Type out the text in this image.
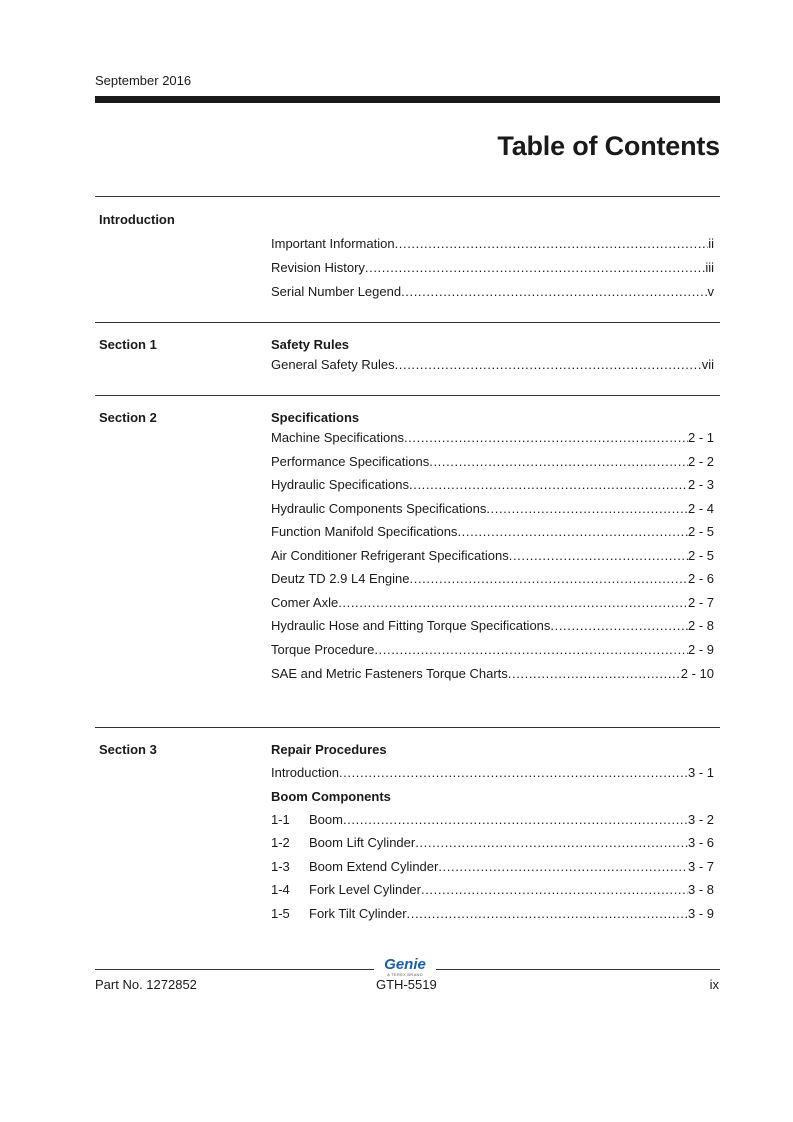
September 2016
Table of Contents
Introduction
Important Information .....	ii
Revision History .....	iii
Serial Number Legend .....	v
Section 1	Safety Rules
General Safety Rules .....	vii
Section 2	Specifications
Machine Specifications .....	2 - 1
Performance Specifications .....	2 - 2
Hydraulic Specifications .....	2 - 3
Hydraulic Components Specifications .....	2 - 4
Function Manifold Specifications .....	2 - 5
Air Conditioner Refrigerant Specifications .....	2 - 5
Deutz TD 2.9 L4 Engine .....	2 - 6
Comer Axle .....	2 - 7
Hydraulic Hose and Fitting Torque Specifications .....	2 - 8
Torque Procedure .....	2 - 9
SAE and Metric Fasteners Torque Charts .....	2 - 10
Section 3	Repair Procedures
Introduction .....	3 - 1
Boom Components
1-1	Boom .....	3 - 2
1-2	Boom Lift Cylinder .....	3 - 6
1-3	Boom Extend Cylinder .....	3 - 7
1-4	Fork Level Cylinder .....	3 - 8
1-5	Fork Tilt Cylinder .....	3 - 9
Genie
A TEREX BRAND
Part No. 1272852	GTH-5519	ix
